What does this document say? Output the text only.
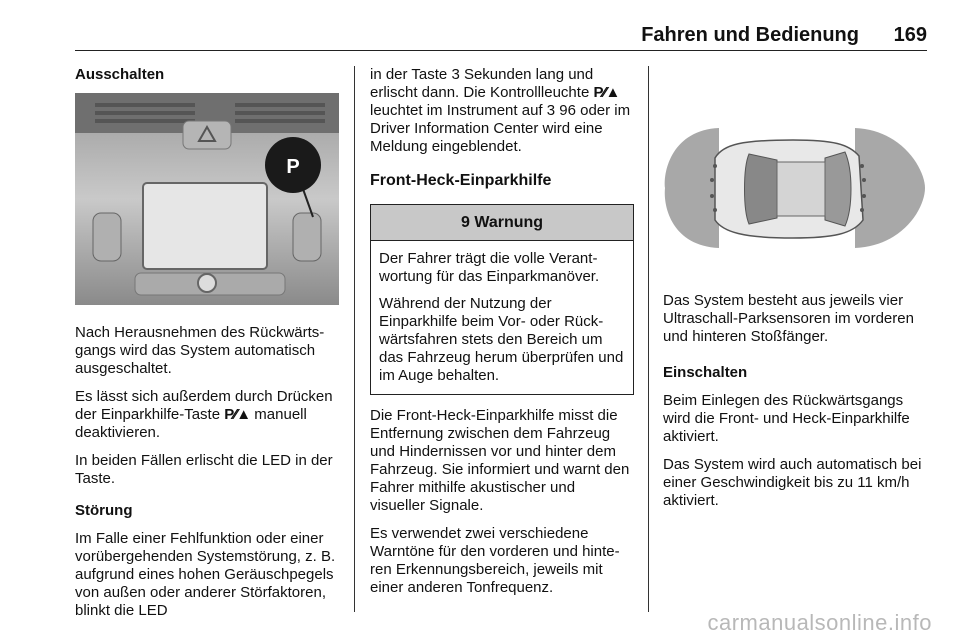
Fahren und Bedienung 169

Ausschalten

Nach Herausnehmen des Rückwärtsgangs wird das System automatisch ausgeschaltet.

Es lässt sich außerdem durch Drücken der Einparkhilfe-Taste P⁄⁄▲ manuell deaktivieren.

In beiden Fällen erlischt die LED in der Taste.

Störung

Im Falle einer Fehlfunktion oder einer vorübergehenden Systemstörung, z. B. aufgrund eines hohen Geräuschpegels von außen oder anderer Störfaktoren, blinkt die LED

P

in der Taste 3 Sekunden lang und erlischt dann. Die Kontrollleuchte P⁄⁄▲ leuchtet im Instrument auf 3 96 oder im Driver Information Center wird eine Meldung eingeblendet.

Front-Heck-Einparkhilfe

9 Warnung

Der Fahrer trägt die volle Verantwortung für das Einparkmanöver.

Während der Nutzung der Einparkhilfe beim Vor- oder Rückwärtsfahren stets den Bereich um das Fahrzeug herum überprüfen und im Auge behalten.

Die Front-Heck-Einparkhilfe misst die Entfernung zwischen dem Fahrzeug und Hindernissen vor und hinter dem Fahrzeug. Sie informiert und warnt den Fahrer mithilfe akustischer und visueller Signale.

Es verwendet zwei verschiedene Warntöne für den vorderen und hinteren Erkennungsbereich, jeweils mit einer anderen Tonfrequenz.

Das System besteht aus jeweils vier Ultraschall-Parksensoren im vorderen und hinteren Stoßfänger.

Einschalten

Beim Einlegen des Rückwärtsgangs wird die Front- und Heck-Einparkhilfe aktiviert.

Das System wird auch automatisch bei einer Geschwindigkeit bis zu 11 km/h aktiviert.

carmanualsonline.info
